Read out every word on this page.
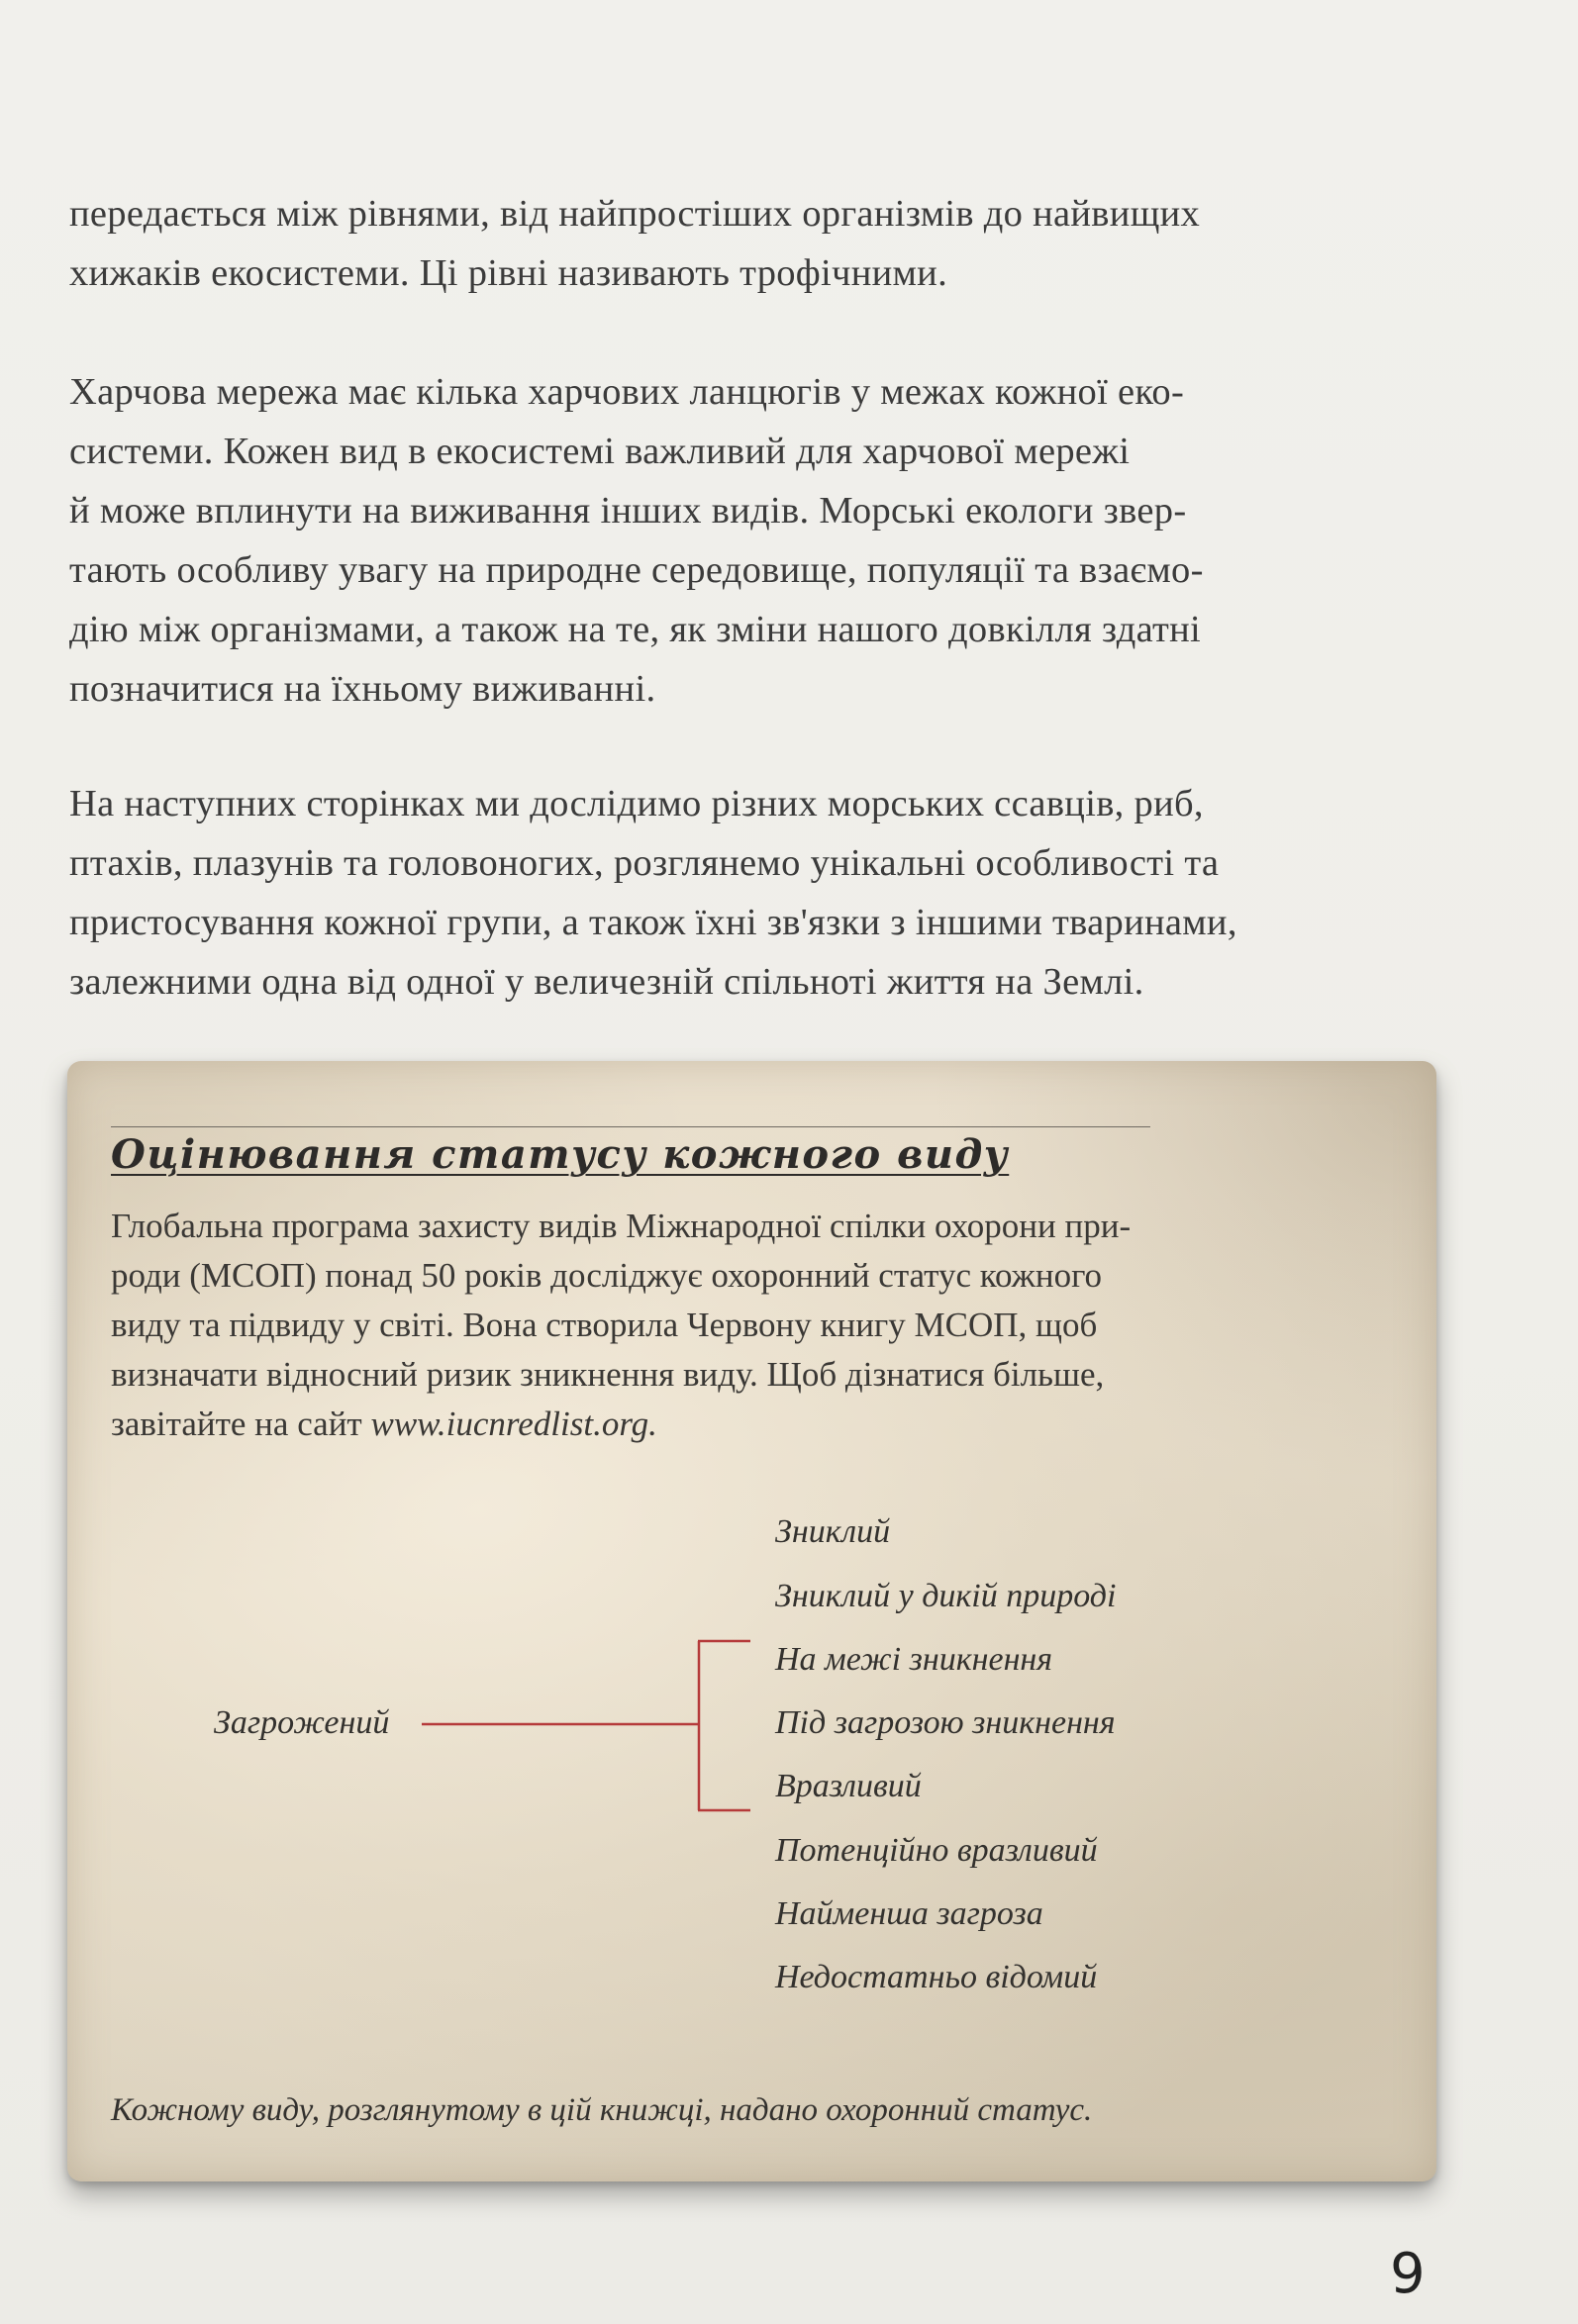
передається між рівнями, від найпростіших організмів до найвищих
хижаків екосистеми. Ці рівні називають трофічними.

Харчова мережа має кілька харчових ланцюгів у межах кожної еко-
системи. Кожен вид в екосистемі важливий для харчової мережі
й може вплинути на виживання інших видів. Морські екологи звер-
тають особливу увагу на природне середовище, популяції та взаємо-
дію між організмами, а також на те, як зміни нашого довкілля здатні
позначитися на їхньому виживанні.

На наступних сторінках ми дослідимо різних морських ссавців, риб,
птахів, плазунів та головоногих, розглянемо унікальні особливості та
пристосування кожної групи, а також їхні зв'язки з іншими тваринами,
залежними одна від одної у величезній спільноті життя на Землі.

Оцінювання статусу кожного виду

Глобальна програма захисту видів Міжнародної спілки охорони при-
роди (МСОП) понад 50 років досліджує охоронний статус кожного
виду та підвиду у світі. Вона створила Червону книгу МСОП, щоб
визначати відносний ризик зникнення виду. Щоб дізнатися більше,
завітайте на сайт www.iucnredlist.org.

Загрожений

Зниклий

Зниклий у дикій природі

На межі зникнення

Під загрозою зникнення

Вразливий

Потенційно вразливий

Найменша загроза

Недостатньо відомий

Кожному виду, розглянутому в цій книжці, надано охоронний статус.

9
